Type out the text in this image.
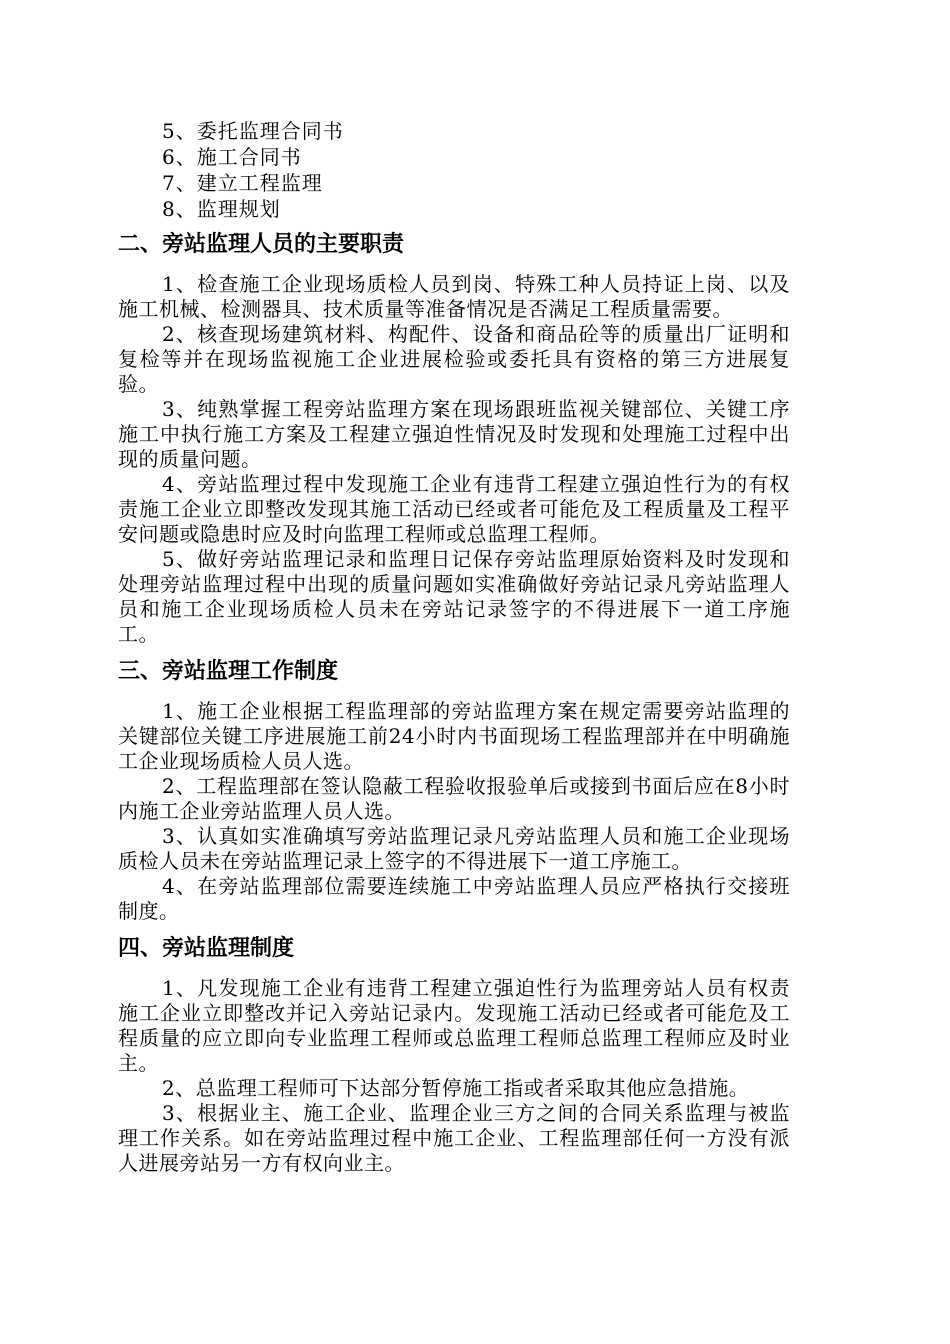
5、委托监理合同书
6、施工合同书
7、建立工程监理
8、监理规划
二、旁站监理人员的主要职责
1、检查施工企业现场质检人员到岗、特殊工种人员持证上岗、以及施工机械、检测器具、技术质量等准备情况是否满足工程质量需要。
2、核查现场建筑材料、构配件、设备和商品砼等的质量出厂证明和复检等并在现场监视施工企业进展检验或委托具有资格的第三方进展复验。
3、纯熟掌握工程旁站监理方案在现场跟班监视关键部位、关键工序施工中执行施工方案及工程建立强迫性情况及时发现和处理施工过程中出现的质量问题。
4、旁站监理过程中发现施工企业有违背工程建立强迫性行为的有权责施工企业立即整改发现其施工活动已经或者可能危及工程质量及工程平安问题或隐患时应及时向监理工程师或总监理工程师。
5、做好旁站监理记录和监理日记保存旁站监理原始资料及时发现和处理旁站监理过程中出现的质量问题如实准确做好旁站记录凡旁站监理人员和施工企业现场质检人员未在旁站记录签字的不得进展下一道工序施工。
三、旁站监理工作制度
1、施工企业根据工程监理部的旁站监理方案在规定需要旁站监理的关键部位关键工序进展施工前24小时内书面现场工程监理部并在中明确施工企业现场质检人员人选。
2、工程监理部在签认隐蔽工程验收报验单后或接到书面后应在8小时内施工企业旁站监理人员人选。
3、认真如实准确填写旁站监理记录凡旁站监理人员和施工企业现场质检人员未在旁站监理记录上签字的不得进展下一道工序施工。
4、在旁站监理部位需要连续施工中旁站监理人员应严格执行交接班制度。
四、旁站监理制度
1、凡发现施工企业有违背工程建立强迫性行为监理旁站人员有权责施工企业立即整改并记入旁站记录内。发现施工活动已经或者可能危及工程质量的应立即向专业监理工程师或总监理工程师总监理工程师应及时业主。
2、总监理工程师可下达部分暂停施工指或者采取其他应急措施。
3、根据业主、施工企业、监理企业三方之间的合同关系监理与被监理工作关系。如在旁站监理过程中施工企业、工程监理部任何一方没有派人进展旁站另一方有权向业主。
